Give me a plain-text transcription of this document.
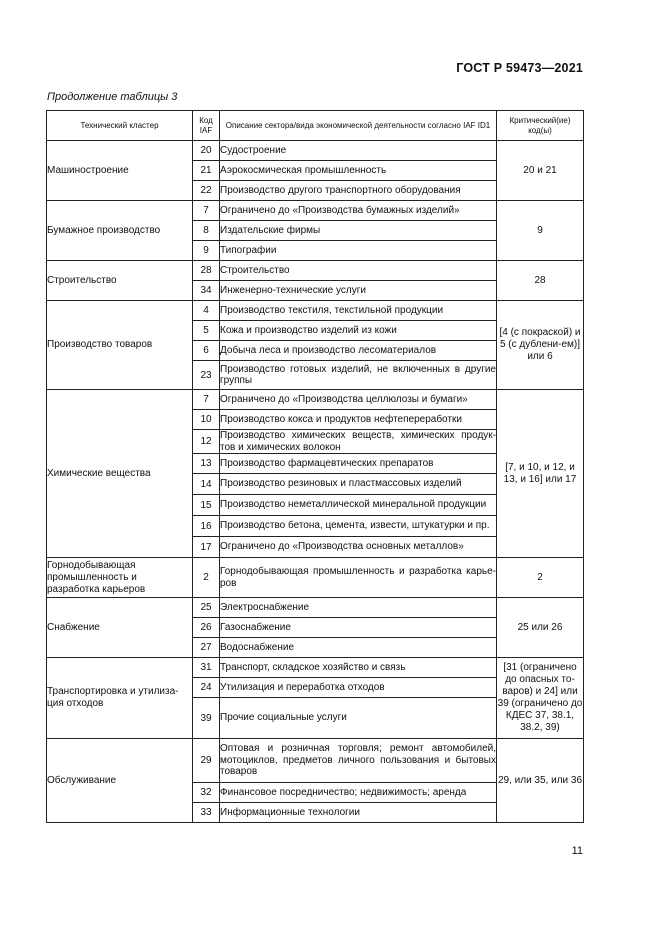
ГОСТ Р 59473—2021
Продолжение таблицы 3
Технический кластер	Код IAF	Описание сектора/вида экономической деятельности согласно IAF ID1	Критический(ие) код(ы)
Машиностроение	20	Судостроение	20 и 21
	21	Аэрокосмическая промышленность	
	22	Производство другого транспортного оборудования	
Бумажное производство	7	Ограничено до «Производства бумажных изделий»	9
	8	Издательские фирмы	
	9	Типографии	
Строительство	28	Строительство	28
	34	Инженерно-технические услуги	
Производство товаров	4	Производство текстиля, текстильной продукции	[4 (с покраской) и 5 (с дублени-ем)] или 6
	5	Кожа и производство изделий из кожи	
	6	Добыча леса и производство лесоматериалов	
	23	Производство готовых изделий, не включенных в другие группы	
Химические вещества	7	Ограничено до «Производства целлюлозы и бумаги»	[7, и 10, и 12, и 13, и 16] или 17
	10	Производство кокса и продуктов нефтепереработки	
	12	Производство химических веществ, химических продук-тов и химических волокон	
	13	Производство фармацевтических препаратов	
	14	Производство резиновых и пластмассовых изделий	
	15	Производство неметаллической минеральной продукции	
	16	Производство бетона, цемента, извести, штукатурки и пр.	
	17	Ограничено до «Производства основных металлов»	
Горнодобывающая промышленность и разработка карьеров	2	Горнодобывающая промышленность и разработка карье-ров	2
Снабжение	25	Электроснабжение	25 или 26
	26	Газоснабжение	
	27	Водоснабжение	
Транспортировка и утилиза-ция отходов	31	Транспорт, складское хозяйство и связь	[31 (ограничено до опасных то-варов) и 24] или 39 (ограничено до КДЕС 37, 38.1, 38.2, 39)
	24	Утилизация и переработка отходов	
	39	Прочие социальные услуги	
Обслуживание	29	Оптовая и розничная торговля; ремонт автомобилей, мотоциклов, предметов личного пользования и бытовых товаров	29, или 35, или 36
	32	Финансовое посредничество; недвижимость; аренда	
	33	Информационные технологии	
11
